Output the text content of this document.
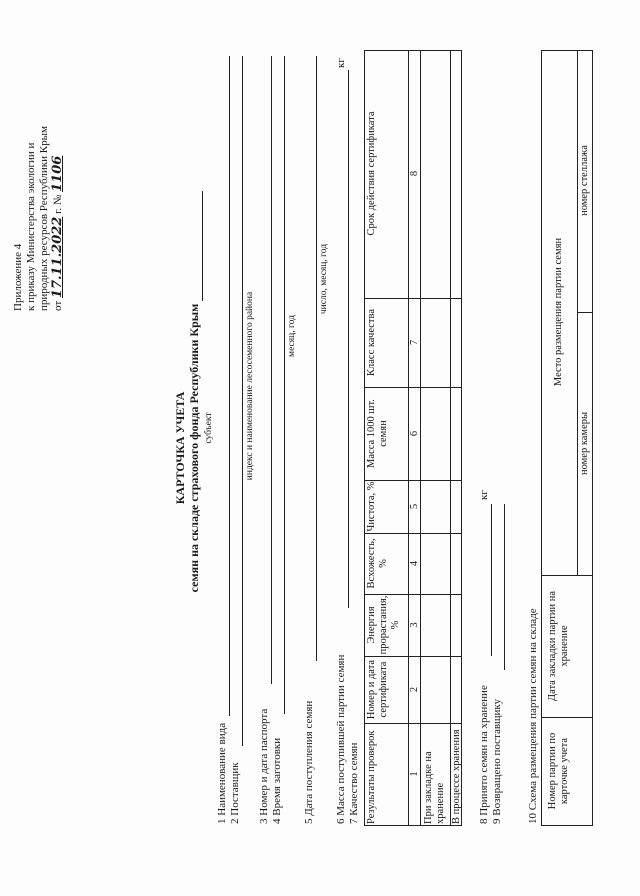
Приложение 4 к приказу Министерства экологии и природных ресурсов Республики Крым от 17.11.2022 г. № 1106
КАРТОЧКА УЧЕТА семян на складе страхового фонда Республики Крым субъект
1 Наименование вида 2 Поставщик
индекс и наименование лесосеменного района
3 Номер и дата паспорта 4 Время заготовки
месяц, год
5 Дата поступления семян
число, месяц, год
6 Масса поступившей партии семян
кг
7 Качество семян Результаты проверок
Номер и дата сертификата
Энергия прорастания, %
Всхожесть, %
Чистота, %
Масса 1000 шт. семян
Класс качества
Срок действия сертификата
1
2
3
4
5
6
7
8
При закладке на хранение В процессе хранения 8 Принято семян на хранение
кг
9 Возвращено поставщику 10 Схема размещения партии семян на складе Номер партии по карточке учета
Дата закладки партии на хранение
Место размещения партии семян
номер камеры
номер стеллажа
